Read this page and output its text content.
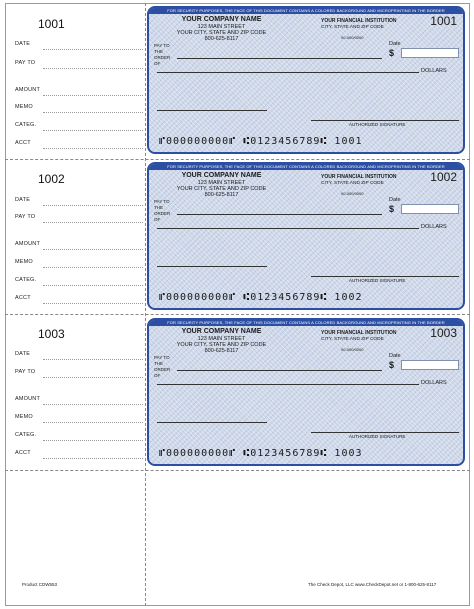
1001
DATE
PAY TO
AMOUNT
MEMO
CATEG.
ACCT
FOR SECURITY PURPOSES, THE FACE OF THIS DOCUMENT CONTAINS A COLORED BACKGROUND AND MICROPRINTING IN THE BORDER
YOUR COMPANY NAME
123 MAIN STREET
YOUR CITY, STATE AND ZIP CODE
800-625-8117
YOUR FINANCIAL INSTITUTION
CITY, STATE AND ZIP CODE
00-000/0000
1001
Date
$
PAY TO THE ORDER OF
DOLLARS
AUTHORIZED SIGNATURE
⑈000000000⑈ ⑆0123456789⑆ 1001
1002
DATE
PAY TO
AMOUNT
MEMO
CATEG.
ACCT
FOR SECURITY PURPOSES, THE FACE OF THIS DOCUMENT CONTAINS A COLORED BACKGROUND AND MICROPRINTING IN THE BORDER
YOUR COMPANY NAME
123 MAIN STREET
YOUR CITY, STATE AND ZIP CODE
800-625-8117
YOUR FINANCIAL INSTITUTION
CITY, STATE AND ZIP CODE
00-000/0000
1002
Date
$
PAY TO THE ORDER OF
DOLLARS
AUTHORIZED SIGNATURE
⑈000000000⑈ ⑆0123456789⑆ 1002
1003
DATE
PAY TO
AMOUNT
MEMO
CATEG.
ACCT
FOR SECURITY PURPOSES, THE FACE OF THIS DOCUMENT CONTAINS A COLORED BACKGROUND AND MICROPRINTING IN THE BORDER
YOUR COMPANY NAME
123 MAIN STREET
YOUR CITY, STATE AND ZIP CODE
800-625-8117
YOUR FINANCIAL INSTITUTION
CITY, STATE AND ZIP CODE
00-000/0000
1003
Date
$
PAY TO THE ORDER OF
DOLLARS
AUTHORIZED SIGNATURE
⑈000000000⑈ ⑆0123456789⑆ 1003
Product CDW553	The Check Depot, LLC www.CheckDepot.net or 1-800-625-8117
